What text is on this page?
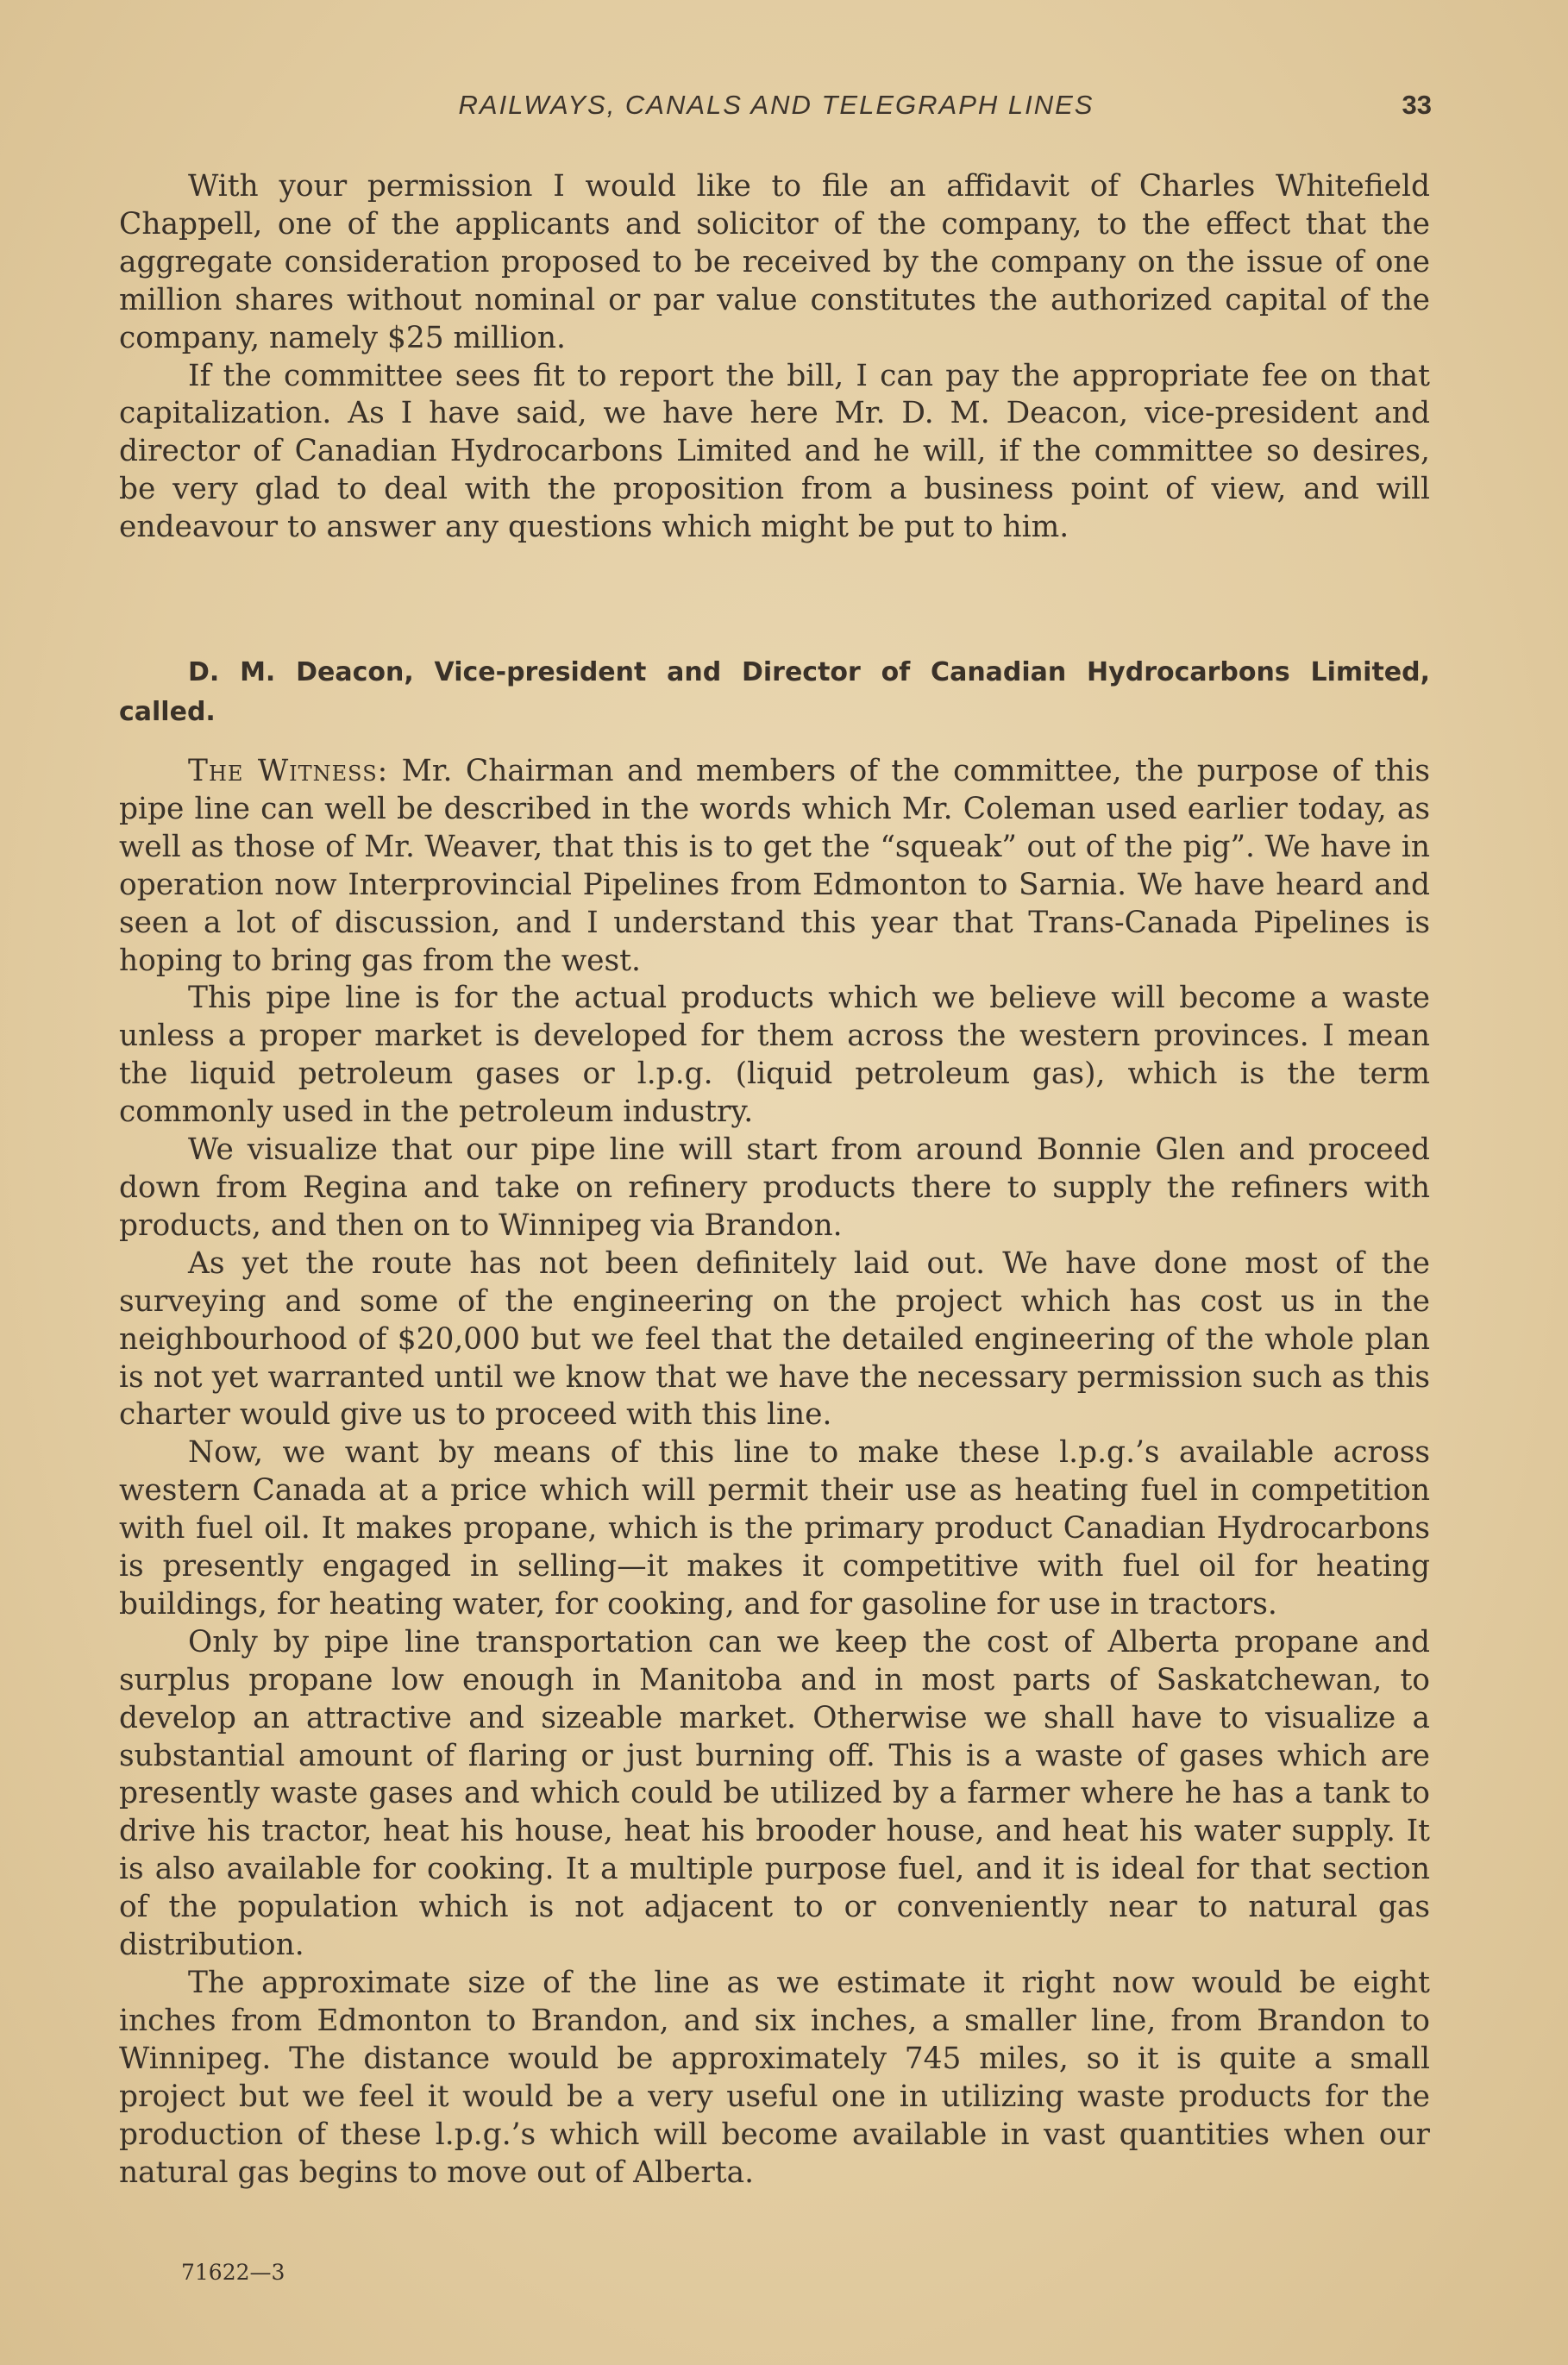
RAILWAYS, CANALS AND TELEGRAPH LINES	33

With your permission I would like to file an affidavit of Charles Whitefield Chappell, one of the applicants and solicitor of the company, to the effect that the aggregate consideration proposed to be received by the company on the issue of one million shares without nominal or par value constitutes the authorized capital of the company, namely $25 million.

If the committee sees fit to report the bill, I can pay the appropriate fee on that capitalization. As I have said, we have here Mr. D. M. Deacon, vice-president and director of Canadian Hydrocarbons Limited and he will, if the committee so desires, be very glad to deal with the proposition from a business point of view, and will endeavour to answer any questions which might be put to him.

D. M. Deacon, Vice-president and Director of Canadian Hydrocarbons Limited, called.

The Witness: Mr. Chairman and members of the committee, the purpose of this pipe line can well be described in the words which Mr. Coleman used earlier today, as well as those of Mr. Weaver, that this is to get the “squeak” out of the pig”. We have in operation now Interprovincial Pipelines from Edmonton to Sarnia. We have heard and seen a lot of discussion, and I understand this year that Trans-Canada Pipelines is hoping to bring gas from the west.

This pipe line is for the actual products which we believe will become a waste unless a proper market is developed for them across the western provinces. I mean the liquid petroleum gases or l.p.g. (liquid petroleum gas), which is the term commonly used in the petroleum industry.

We visualize that our pipe line will start from around Bonnie Glen and proceed down from Regina and take on refinery products there to supply the refiners with products, and then on to Winnipeg via Brandon.

As yet the route has not been definitely laid out. We have done most of the surveying and some of the engineering on the project which has cost us in the neighbourhood of $20,000 but we feel that the detailed engineering of the whole plan is not yet warranted until we know that we have the necessary permission such as this charter would give us to proceed with this line.

Now, we want by means of this line to make these l.p.g.’s available across western Canada at a price which will permit their use as heating fuel in competition with fuel oil. It makes propane, which is the primary product Canadian Hydrocarbons is presently engaged in selling—it makes it competitive with fuel oil for heating buildings, for heating water, for cooking, and for gasoline for use in tractors.

Only by pipe line transportation can we keep the cost of Alberta propane and surplus propane low enough in Manitoba and in most parts of Saskatchewan, to develop an attractive and sizeable market. Otherwise we shall have to visualize a substantial amount of flaring or just burning off. This is a waste of gases which are presently waste gases and which could be utilized by a farmer where he has a tank to drive his tractor, heat his house, heat his brooder house, and heat his water supply. It is also available for cooking. It a multiple purpose fuel, and it is ideal for that section of the population which is not adjacent to or conveniently near to natural gas distribution.

The approximate size of the line as we estimate it right now would be eight inches from Edmonton to Brandon, and six inches, a smaller line, from Brandon to Winnipeg. The distance would be approximately 745 miles, so it is quite a small project but we feel it would be a very useful one in utilizing waste products for the production of these l.p.g.’s which will become available in vast quantities when our natural gas begins to move out of Alberta.

71622—3
